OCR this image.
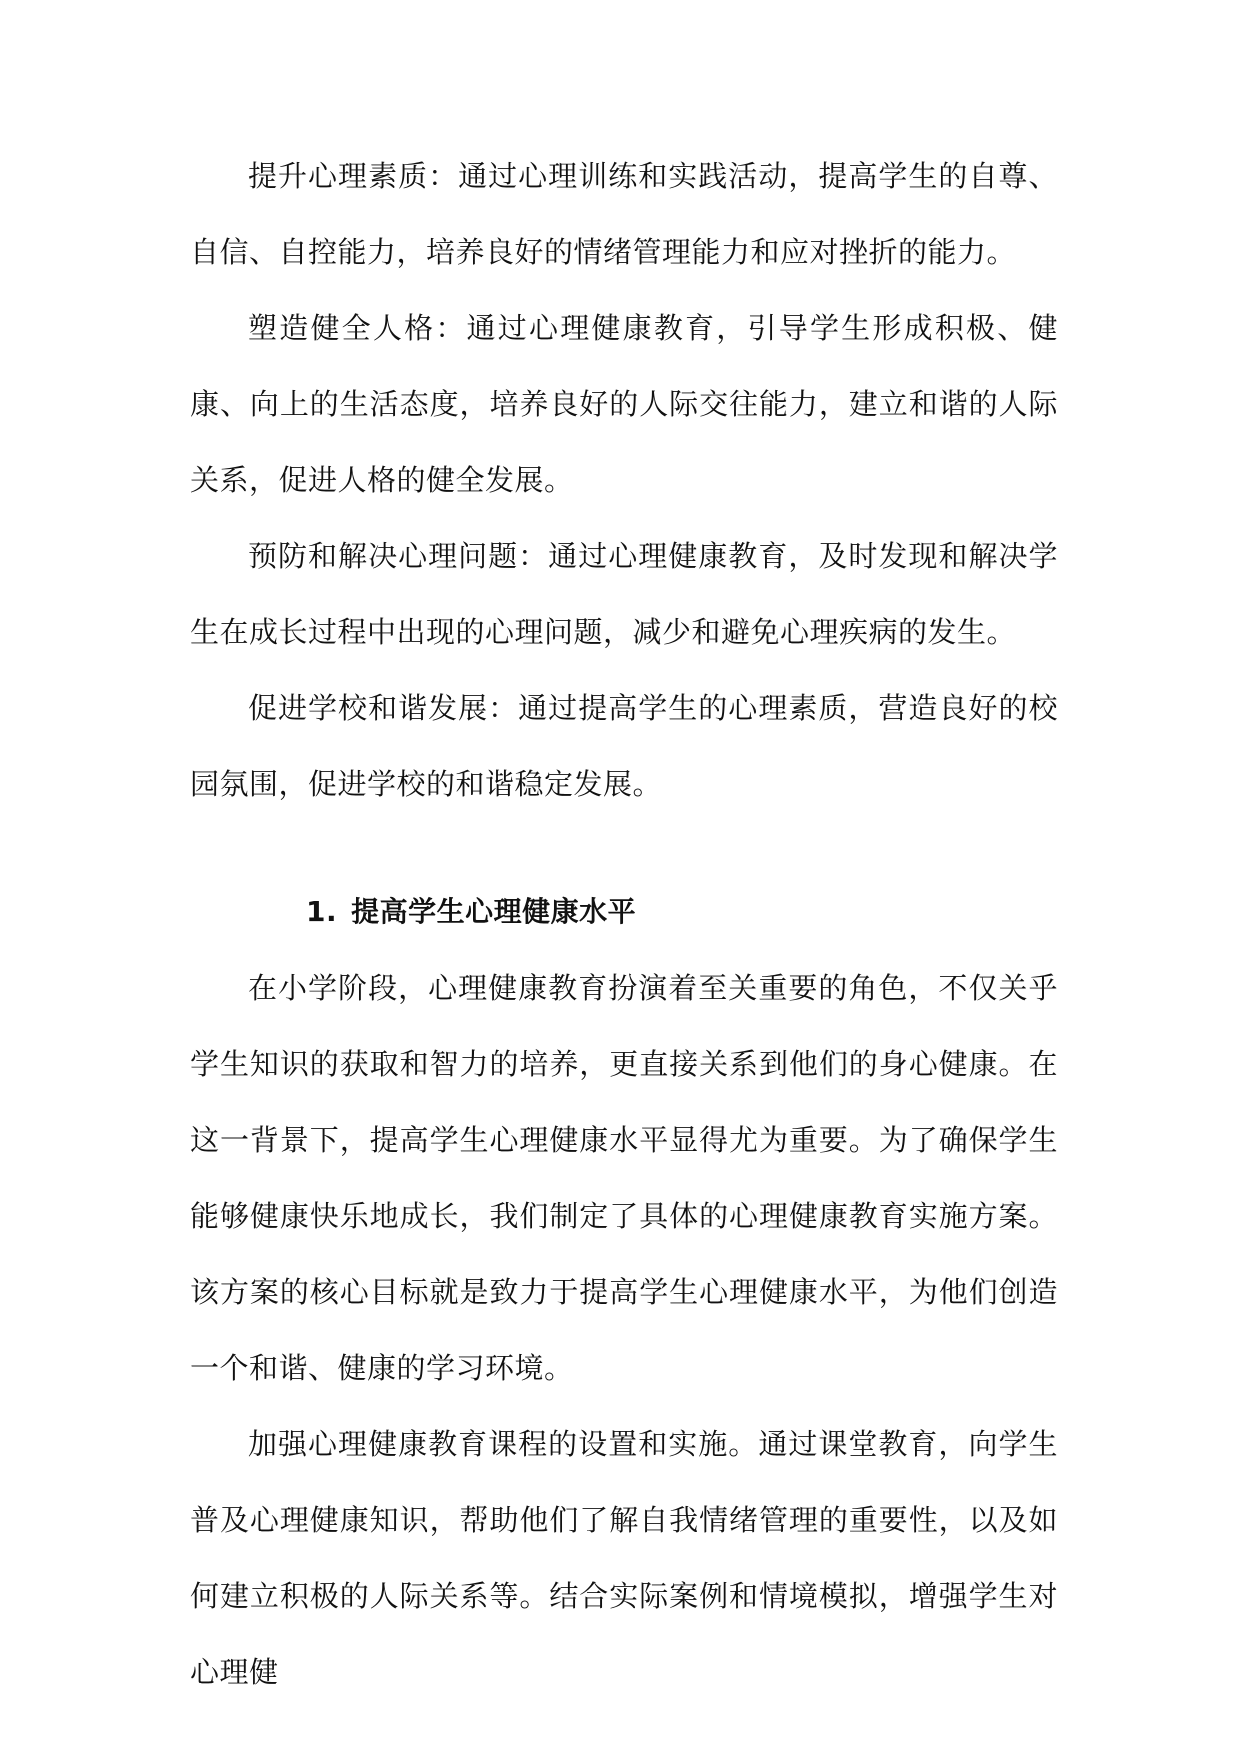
提升心理素质：通过心理训练和实践活动，提高学生的自尊、自信、自控能力，培养良好的情绪管理能力和应对挫折的能力。

塑造健全人格：通过心理健康教育，引导学生形成积极、健康、向上的生活态度，培养良好的人际交往能力，建立和谐的人际关系，促进人格的健全发展。

预防和解决心理问题：通过心理健康教育，及时发现和解决学生在成长过程中出现的心理问题，减少和避免心理疾病的发生。

促进学校和谐发展：通过提高学生的心理素质，营造良好的校园氛围，促进学校的和谐稳定发展。

1. 提高学生心理健康水平

在小学阶段，心理健康教育扮演着至关重要的角色，不仅关乎学生知识的获取和智力的培养，更直接关系到他们的身心健康。在这一背景下，提高学生心理健康水平显得尤为重要。为了确保学生能够健康快乐地成长，我们制定了具体的心理健康教育实施方案。该方案的核心目标就是致力于提高学生心理健康水平，为他们创造一个和谐、健康的学习环境。

加强心理健康教育课程的设置和实施。通过课堂教育，向学生普及心理健康知识，帮助他们了解自我情绪管理的重要性，以及如何建立积极的人际关系等。结合实际案例和情境模拟，增强学生对心理健
